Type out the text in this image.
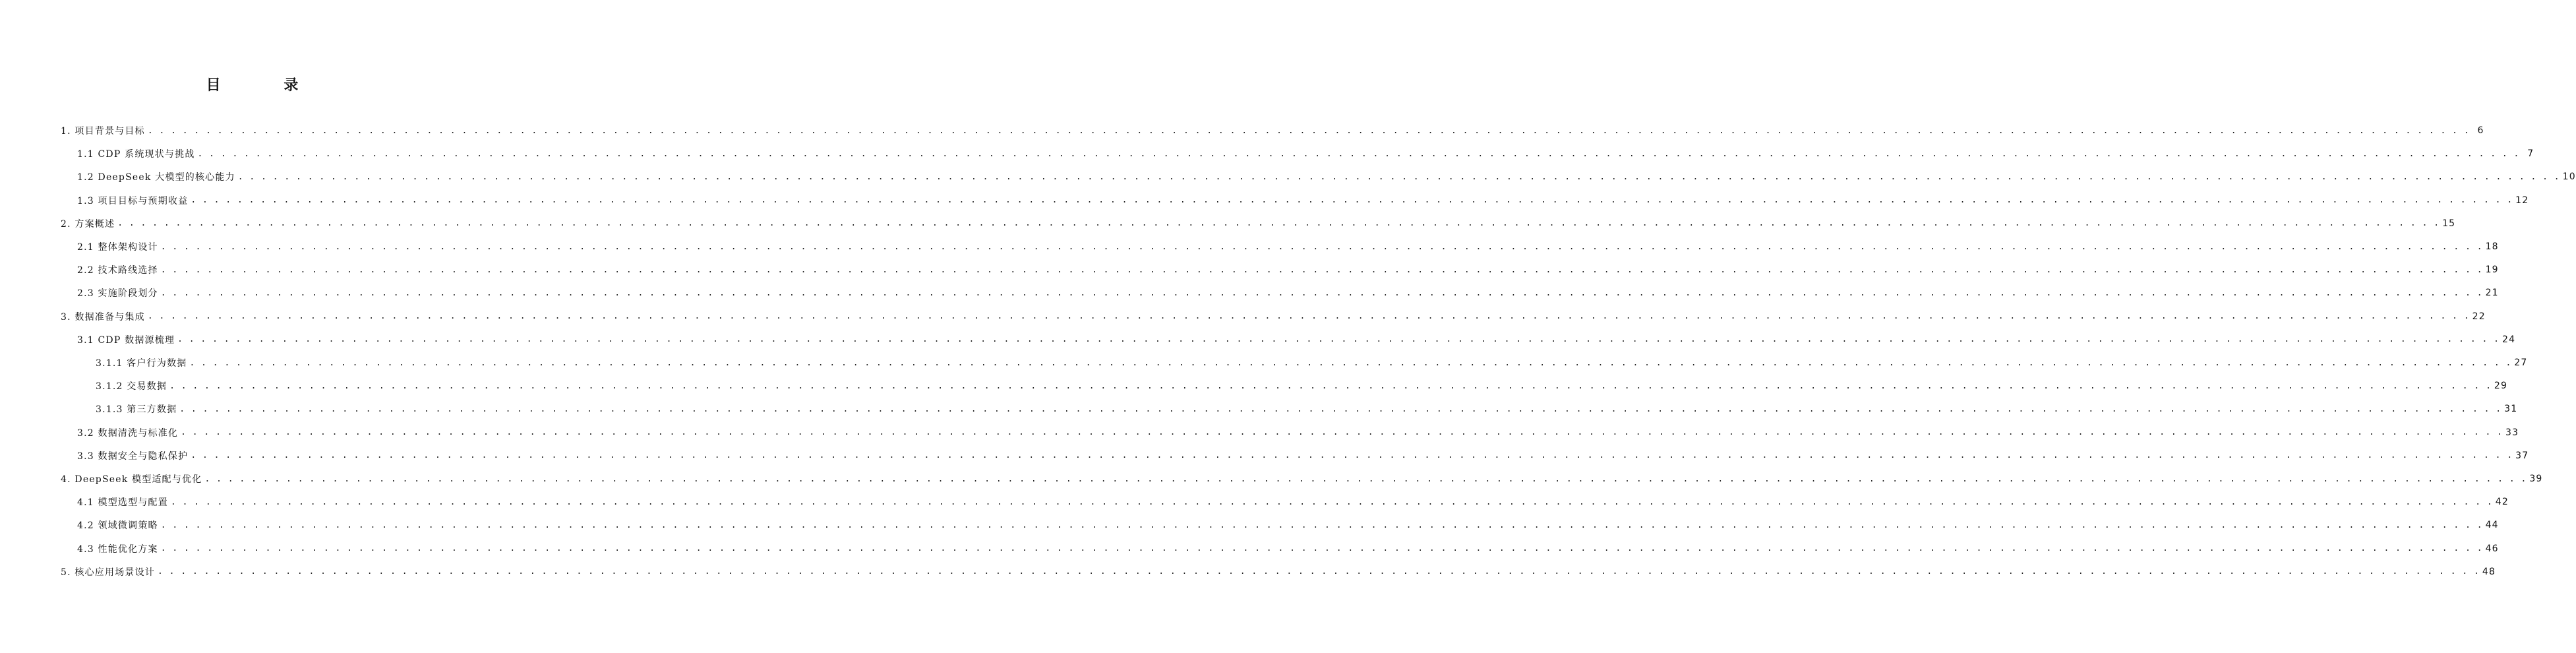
目 录
1. 项目背景与目标 . . . . . . . . . . . . . . . . . . . . . . . . . . . . . . . . . . . . . . . . . . . . . . . . . . . . . . . . . . . . . . . . . . . . . . . . . . . . . . . . . . . . . . . . . . . . . . . . . . . . . . . . . . . . . . . . . . . . . . . . . . . . . . . . . . . . . . . . . . . . . . . . . . . . . . . . . . . . . . . . . . . . . . . . . . . . . . . . . . . . . . . . . . . . . . . . . . . . . . . . 6
1.1 CDP 系统现状与挑战 . . . . . . . . . . . . . . . . . . . . . . . . . . . . . . . . . . . . . . . . . . . . . . . . . . . . . . . . . . . . . . . . . . . . . . . . . . . . . . . . . . . . . . . . . . . . . . . . . . . . . . . . . . . . . . . . . . . . . . . . . . . . . . . . . . . . . . . . . . . . . . . . . . . . . . . . . . . . . . . . . . . . . . . . . . . . . . . . . . . . . . . . . . . . . . . . . . . . . . . . 7
1.2 DeepSeek 大模型的核心能力 . . . . . . . . . . . . . . . . . . . . . . . . . . . . . . . . . . . . . . . . . . . . . . . . . . . . . . . . . . . . . . . . . . . . . . . . . . . . . . . . . . . . . . . . . . . . . . . . . . . . . . . . . . . . . . . . . . . . . . . . . . . . . . . . . . . . . . . . . . . . . . . . . . . . . . . . . . . . . . . . . . . . . . . . . . . . . . . . . . . . . . . . . . . . . . . . . . . . . . . . 10
1.3 项目目标与预期收益 . . . . . . . . . . . . . . . . . . . . . . . . . . . . . . . . . . . . . . . . . . . . . . . . . . . . . . . . . . . . . . . . . . . . . . . . . . . . . . . . . . . . . . . . . . . . . . . . . . . . . . . . . . . . . . . . . . . . . . . . . . . . . . . . . . . . . . . . . . . . . . . . . . . . . . . . . . . . . . . . . . . . . . . . . . . . . . . . . . . . . . . . . . . . . . . . . . . . . . . . 12
2. 方案概述 . . . . . . . . . . . . . . . . . . . . . . . . . . . . . . . . . . . . . . . . . . . . . . . . . . . . . . . . . . . . . . . . . . . . . . . . . . . . . . . . . . . . . . . . . . . . . . . . . . . . . . . . . . . . . . . . . . . . . . . . . . . . . . . . . . . . . . . . . . . . . . . . . . . . . . . . . . . . . . . . . . . . . . . . . . . . . . . . . . . . . . . . . . . . . . . . . . . . . . . . 15
2.1 整体架构设计 . . . . . . . . . . . . . . . . . . . . . . . . . . . . . . . . . . . . . . . . . . . . . . . . . . . . . . . . . . . . . . . . . . . . . . . . . . . . . . . . . . . . . . . . . . . . . . . . . . . . . . . . . . . . . . . . . . . . . . . . . . . . . . . . . . . . . . . . . . . . . . . . . . . . . . . . . . . . . . . . . . . . . . . . . . . . . . . . . . . . . . . . . . . . . . . . . . . . . . . . 18
2.2 技术路线选择 . . . . . . . . . . . . . . . . . . . . . . . . . . . . . . . . . . . . . . . . . . . . . . . . . . . . . . . . . . . . . . . . . . . . . . . . . . . . . . . . . . . . . . . . . . . . . . . . . . . . . . . . . . . . . . . . . . . . . . . . . . . . . . . . . . . . . . . . . . . . . . . . . . . . . . . . . . . . . . . . . . . . . . . . . . . . . . . . . . . . . . . . . . . . . . . . . . . . . . . . 19
2.3 实施阶段划分 . . . . . . . . . . . . . . . . . . . . . . . . . . . . . . . . . . . . . . . . . . . . . . . . . . . . . . . . . . . . . . . . . . . . . . . . . . . . . . . . . . . . . . . . . . . . . . . . . . . . . . . . . . . . . . . . . . . . . . . . . . . . . . . . . . . . . . . . . . . . . . . . . . . . . . . . . . . . . . . . . . . . . . . . . . . . . . . . . . . . . . . . . . . . . . . . . . . . . . . . 21
3. 数据准备与集成 . . . . . . . . . . . . . . . . . . . . . . . . . . . . . . . . . . . . . . . . . . . . . . . . . . . . . . . . . . . . . . . . . . . . . . . . . . . . . . . . . . . . . . . . . . . . . . . . . . . . . . . . . . . . . . . . . . . . . . . . . . . . . . . . . . . . . . . . . . . . . . . . . . . . . . . . . . . . . . . . . . . . . . . . . . . . . . . . . . . . . . . . . . . . . . . . . . . . . . . . 22
3.1 CDP 数据源梳理 . . . . . . . . . . . . . . . . . . . . . . . . . . . . . . . . . . . . . . . . . . . . . . . . . . . . . . . . . . . . . . . . . . . . . . . . . . . . . . . . . . . . . . . . . . . . . . . . . . . . . . . . . . . . . . . . . . . . . . . . . . . . . . . . . . . . . . . . . . . . . . . . . . . . . . . . . . . . . . . . . . . . . . . . . . . . . . . . . . . . . . . . . . . . . . . . . . . . . . . . 24
3.1.1 客户行为数据 . . . . . . . . . . . . . . . . . . . . . . . . . . . . . . . . . . . . . . . . . . . . . . . . . . . . . . . . . . . . . . . . . . . . . . . . . . . . . . . . . . . . . . . . . . . . . . . . . . . . . . . . . . . . . . . . . . . . . . . . . . . . . . . . . . . . . . . . . . . . . . . . . . . . . . . . . . . . . . . . . . . . . . . . . . . . . . . . . . . . . . . . . . . . . . . . . . . . . . . . 27
3.1.2 交易数据 . . . . . . . . . . . . . . . . . . . . . . . . . . . . . . . . . . . . . . . . . . . . . . . . . . . . . . . . . . . . . . . . . . . . . . . . . . . . . . . . . . . . . . . . . . . . . . . . . . . . . . . . . . . . . . . . . . . . . . . . . . . . . . . . . . . . . . . . . . . . . . . . . . . . . . . . . . . . . . . . . . . . . . . . . . . . . . . . . . . . . . . . . . . . . . . . . . . . . . . . 29
3.1.3 第三方数据 . . . . . . . . . . . . . . . . . . . . . . . . . . . . . . . . . . . . . . . . . . . . . . . . . . . . . . . . . . . . . . . . . . . . . . . . . . . . . . . . . . . . . . . . . . . . . . . . . . . . . . . . . . . . . . . . . . . . . . . . . . . . . . . . . . . . . . . . . . . . . . . . . . . . . . . . . . . . . . . . . . . . . . . . . . . . . . . . . . . . . . . . . . . . . . . . . . . . . . . . 31
3.2 数据清洗与标准化 . . . . . . . . . . . . . . . . . . . . . . . . . . . . . . . . . . . . . . . . . . . . . . . . . . . . . . . . . . . . . . . . . . . . . . . . . . . . . . . . . . . . . . . . . . . . . . . . . . . . . . . . . . . . . . . . . . . . . . . . . . . . . . . . . . . . . . . . . . . . . . . . . . . . . . . . . . . . . . . . . . . . . . . . . . . . . . . . . . . . . . . . . . . . . . . . . . . . . . . . 33
3.3 数据安全与隐私保护 . . . . . . . . . . . . . . . . . . . . . . . . . . . . . . . . . . . . . . . . . . . . . . . . . . . . . . . . . . . . . . . . . . . . . . . . . . . . . . . . . . . . . . . . . . . . . . . . . . . . . . . . . . . . . . . . . . . . . . . . . . . . . . . . . . . . . . . . . . . . . . . . . . . . . . . . . . . . . . . . . . . . . . . . . . . . . . . . . . . . . . . . . . . . . . . . . . . . . . . . 37
4. DeepSeek 模型适配与优化 . . . . . . . . . . . . . . . . . . . . . . . . . . . . . . . . . . . . . . . . . . . . . . . . . . . . . . . . . . . . . . . . . . . . . . . . . . . . . . . . . . . . . . . . . . . . . . . . . . . . . . . . . . . . . . . . . . . . . . . . . . . . . . . . . . . . . . . . . . . . . . . . . . . . . . . . . . . . . . . . . . . . . . . . . . . . . . . . . . . . . . . . . . . . . . . . . . . . . . . . 39
4.1 模型选型与配置 . . . . . . . . . . . . . . . . . . . . . . . . . . . . . . . . . . . . . . . . . . . . . . . . . . . . . . . . . . . . . . . . . . . . . . . . . . . . . . . . . . . . . . . . . . . . . . . . . . . . . . . . . . . . . . . . . . . . . . . . . . . . . . . . . . . . . . . . . . . . . . . . . . . . . . . . . . . . . . . . . . . . . . . . . . . . . . . . . . . . . . . . . . . . . . . . . . . . . . . . 42
4.2 领域微调策略 . . . . . . . . . . . . . . . . . . . . . . . . . . . . . . . . . . . . . . . . . . . . . . . . . . . . . . . . . . . . . . . . . . . . . . . . . . . . . . . . . . . . . . . . . . . . . . . . . . . . . . . . . . . . . . . . . . . . . . . . . . . . . . . . . . . . . . . . . . . . . . . . . . . . . . . . . . . . . . . . . . . . . . . . . . . . . . . . . . . . . . . . . . . . . . . . . . . . . . . . 44
4.3 性能优化方案 . . . . . . . . . . . . . . . . . . . . . . . . . . . . . . . . . . . . . . . . . . . . . . . . . . . . . . . . . . . . . . . . . . . . . . . . . . . . . . . . . . . . . . . . . . . . . . . . . . . . . . . . . . . . . . . . . . . . . . . . . . . . . . . . . . . . . . . . . . . . . . . . . . . . . . . . . . . . . . . . . . . . . . . . . . . . . . . . . . . . . . . . . . . . . . . . . . . . . . . . 46
5. 核心应用场景设计 . . . . . . . . . . . . . . . . . . . . . . . . . . . . . . . . . . . . . . . . . . . . . . . . . . . . . . . . . . . . . . . . . . . . . . . . . . . . . . . . . . . . . . . . . . . . . . . . . . . . . . . . . . . . . . . . . . . . . . . . . . . . . . . . . . . . . . . . . . . . . . . . . . . . . . . . . . . . . . . . . . . . . . . . . . . . . . . . . . . . . . . . . . . . . . . . . . . . . . . . 48
